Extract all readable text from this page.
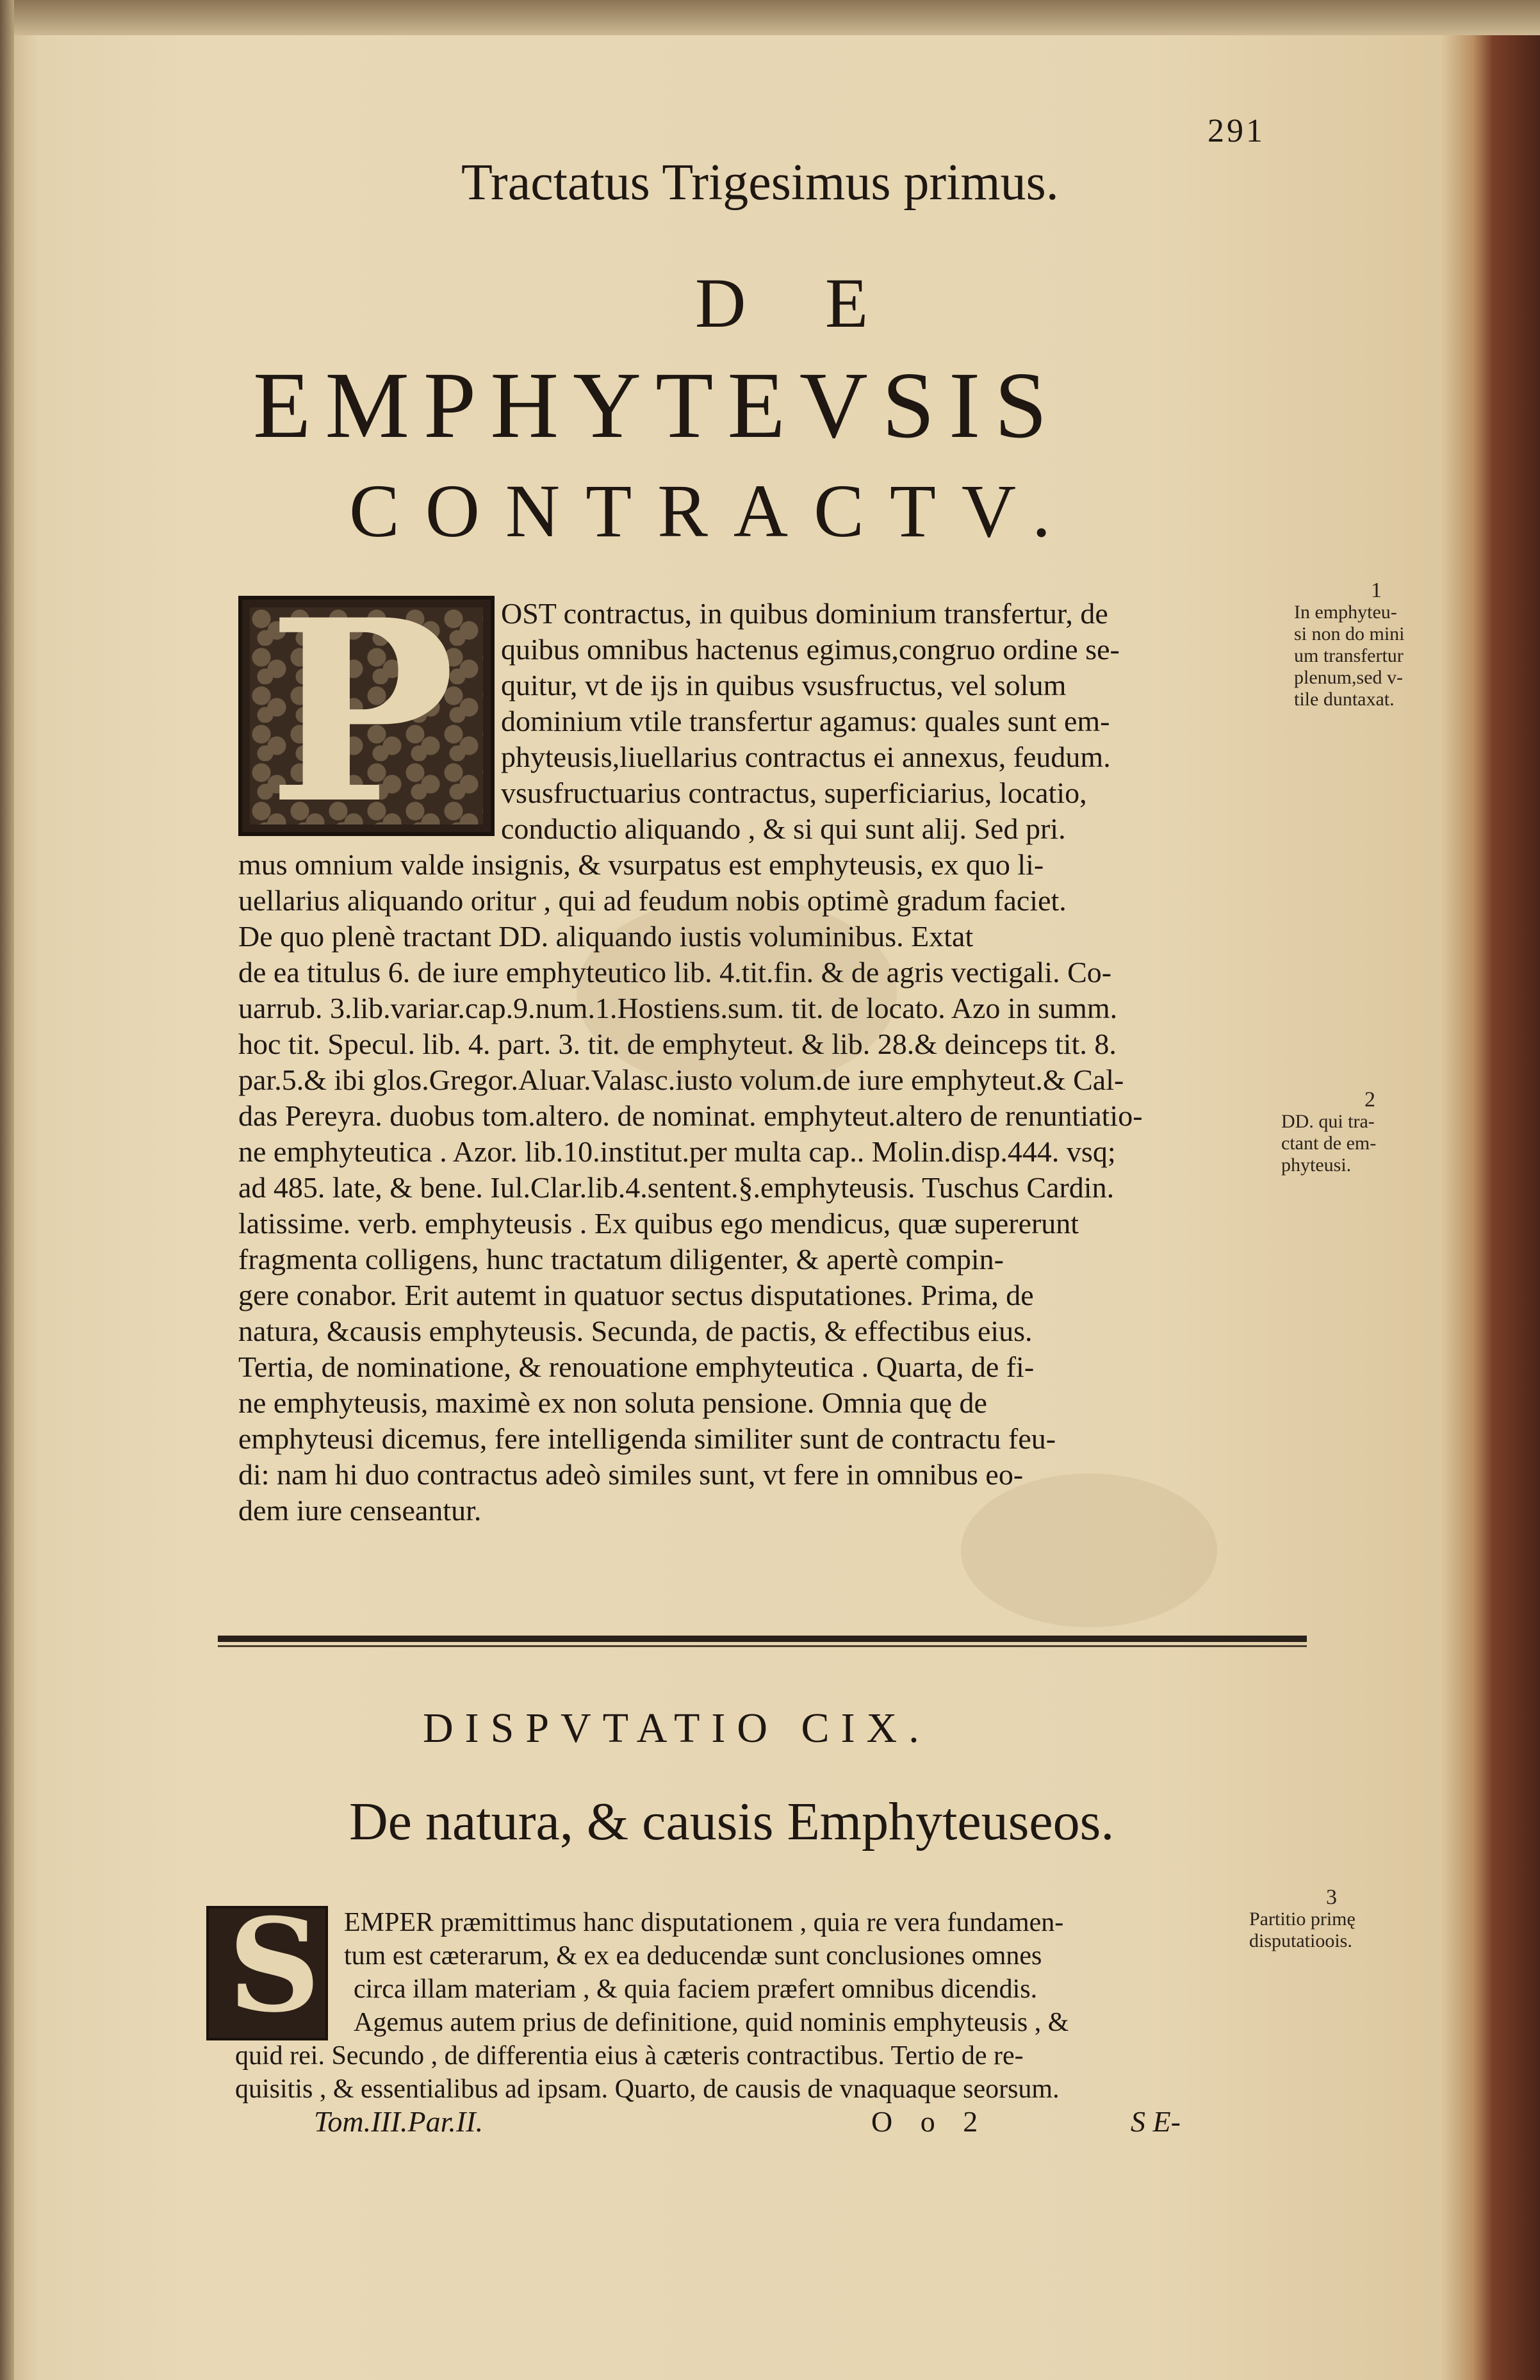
291
Tractatus Trigesimus primus.
D E
EMPHYTEVSIS
CONTRACTV.
P	OST contractus, in quibus dominium transfertur, de
quibus omnibus hactenus egimus,congruo ordine se-
quitur, vt de ijs in quibus vsusfructus, vel solum
dominium vtile transfertur agamus: quales sunt em-
phyteusis,liuellarius contractus ei annexus, feudum.
vsusfructuarius contractus, superficiarius, locatio,
conductio aliquando , & si qui sunt alij. Sed pri.
mus omnium valde insignis, & vsurpatus est emphyteusis, ex quo li-
uellarius aliquando oritur , qui ad feudum nobis optimè gradum faciet.
De quo plenè tractant DD. aliquando iustis voluminibus. Extat
de ea titulus 6. de iure emphyteutico lib. 4.tit.fin. & de agris vectigali. Co-
uarrub. 3.lib.variar.cap.9.num.1.Hostiens.sum. tit. de locato. Azo in summ.
hoc tit. Specul. lib. 4. part. 3. tit. de emphyteut. & lib. 28.& deinceps tit. 8.
par.5.& ibi glos.Gregor.Aluar.Valasc.iusto volum.de iure emphyteut.& Cal-
das Pereyra. duobus tom.altero. de nominat. emphyteut.altero de renuntiatio-
ne emphyteutica . Azor. lib.10.institut.per multa cap.. Molin.disp.444. vsq;
ad 485. late, & bene. Iul.Clar.lib.4.sentent.§.emphyteusis. Tuschus Cardin.
latissime. verb. emphyteusis . Ex quibus ego mendicus, quæ supererunt
fragmenta colligens, hunc tractatum diligenter, & apertè compin-
gere conabor. Erit autemt in quatuor sectus disputationes. Prima, de
natura, &causis emphyteusis. Secunda, de pactis, & effectibus eius.
Tertia, de nominatione, & renouatione emphyteutica . Quarta, de fi-
ne emphyteusis, maximè ex non soluta pensione. Omnia quę de
emphyteusi dicemus, fere intelligenda similiter sunt de contractu feu-
di: nam hi duo contractus adeò similes sunt, vt fere in omnibus eo-
dem iure censeantur.
1
In emphyteu-
si non do mini
um transfertur
plenum,sed v-
tile duntaxat.
2
DD. qui tra-
ctant de em-
phyteusi.
DISPVTATIO CIX.
De natura, & causis Emphyteuseos.
S EMPER præmittimus hanc disputationem , quia re vera fundamen-
tum est cæterarum, & ex ea deducendæ sunt conclusiones omnes
circa illam materiam , & quia faciem præfert omnibus dicendis.
Agemus autem prius de definitione, quid nominis emphyteusis , &
quid rei. Secundo , de differentia eius à cæteris contractibus. Tertio de re-
quisitis , & essentialibus ad ipsam. Quarto, de causis de vnaquaque seorsum.
3
Partitio primę
disputatioois.
Tom.III.Par.II.	O o 2	S E-
